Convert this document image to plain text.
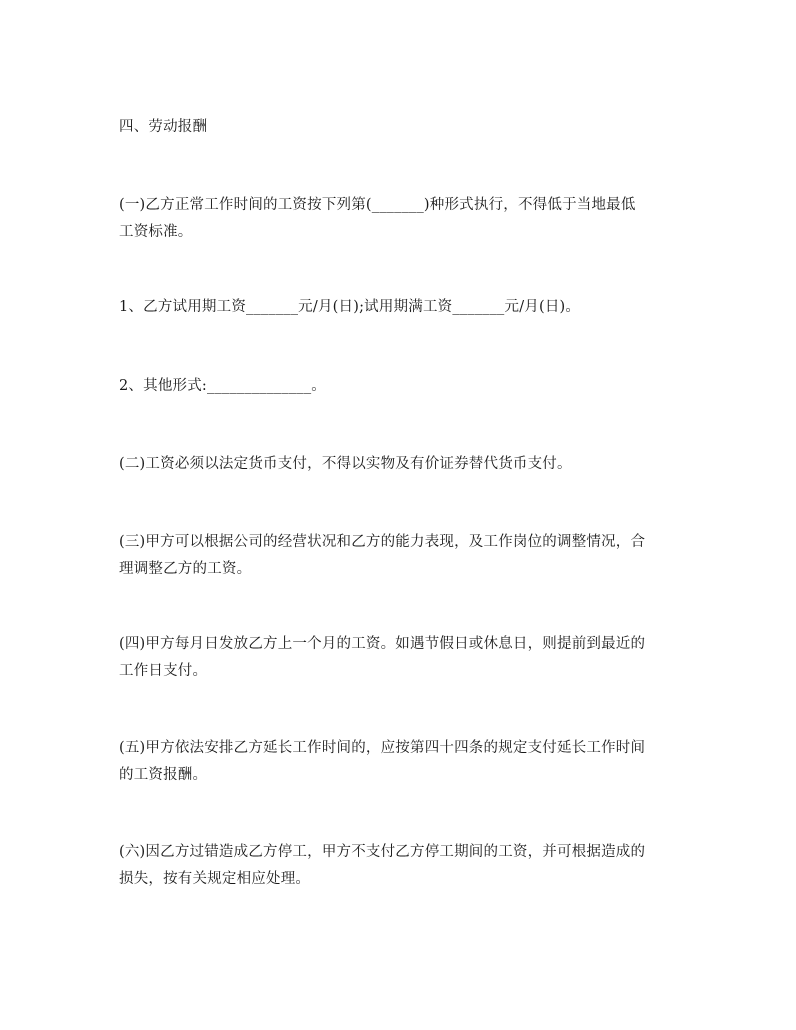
四、劳动报酬
(一)乙方正常工作时间的工资按下列第(_______)种形式执行，不得低于当地最低
工资标准。
1、乙方试用期工资_______元/月(日);试用期满工资_______元/月(日)。
2、其他形式:______________。
(二)工资必须以法定货币支付，不得以实物及有价证券替代货币支付。
(三)甲方可以根据公司的经营状况和乙方的能力表现，及工作岗位的调整情况，合
理调整乙方的工资。
(四)甲方每月日发放乙方上一个月的工资。如遇节假日或休息日，则提前到最近的
工作日支付。
(五)甲方依法安排乙方延长工作时间的，应按第四十四条的规定支付延长工作时间
的工资报酬。
(六)因乙方过错造成乙方停工，甲方不支付乙方停工期间的工资，并可根据造成的
损失，按有关规定相应处理。
